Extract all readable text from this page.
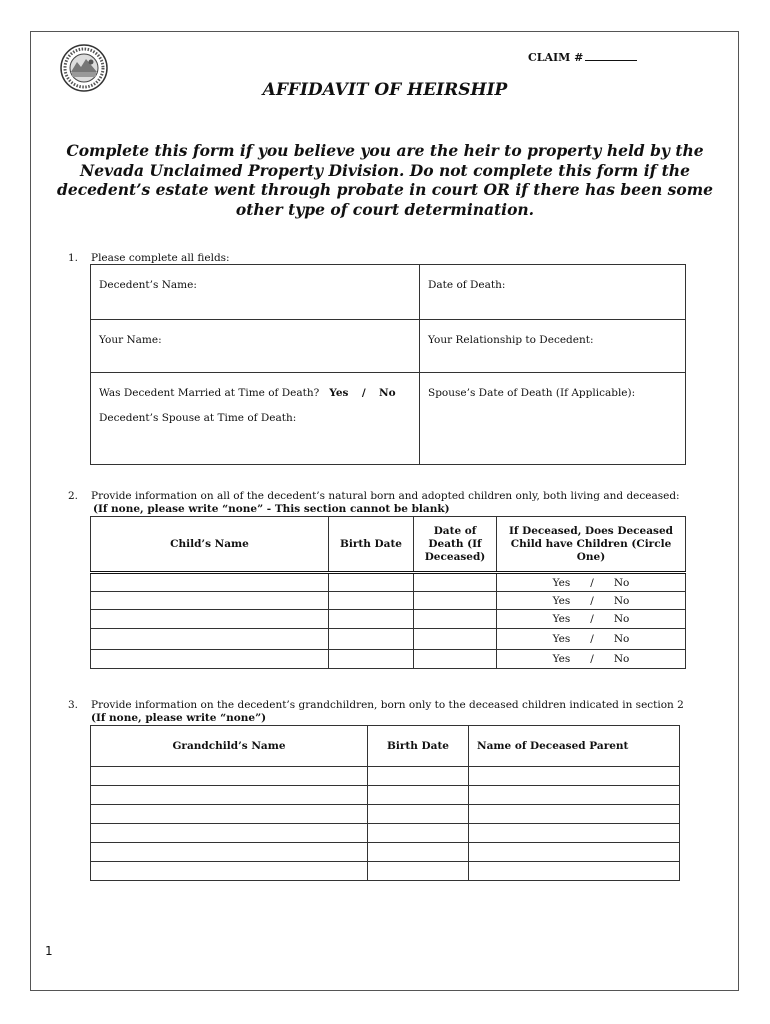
CLAIM #
AFFIDAVIT OF HEIRSHIP
Complete this form if you believe you are the heir to property held by the Nevada Unclaimed Property Division. Do not complete this form if the decedent’s estate went through probate in court OR if there has been some other type of court determination.
1. Please complete all fields:
Decedent’s Name:	Date of Death:
Your Name:	Your Relationship to Decedent:

Was Decedent Married at Time of Death? Yes / No
Decedent’s Spouse at Time of Death:	Spouse’s Date of Death (If Applicable):
2. Provide information on all of the decedent’s natural born and adopted children only, both living and deceased:
(If none, please write “none” - This section cannot be blank)
Child’s Name	Birth Date	Date of Death (If Deceased)	If Deceased, Does Deceased Child have Children (Circle One)
			Yes      /      No
			Yes      /      No
			Yes      /      No
			Yes      /      No
			Yes      /      No
3. Provide information on the decedent’s grandchildren, born only to the deceased children indicated in section 2
(If none, please write “none”)
Grandchild’s Name	Birth Date	Name of Deceased Parent

1
